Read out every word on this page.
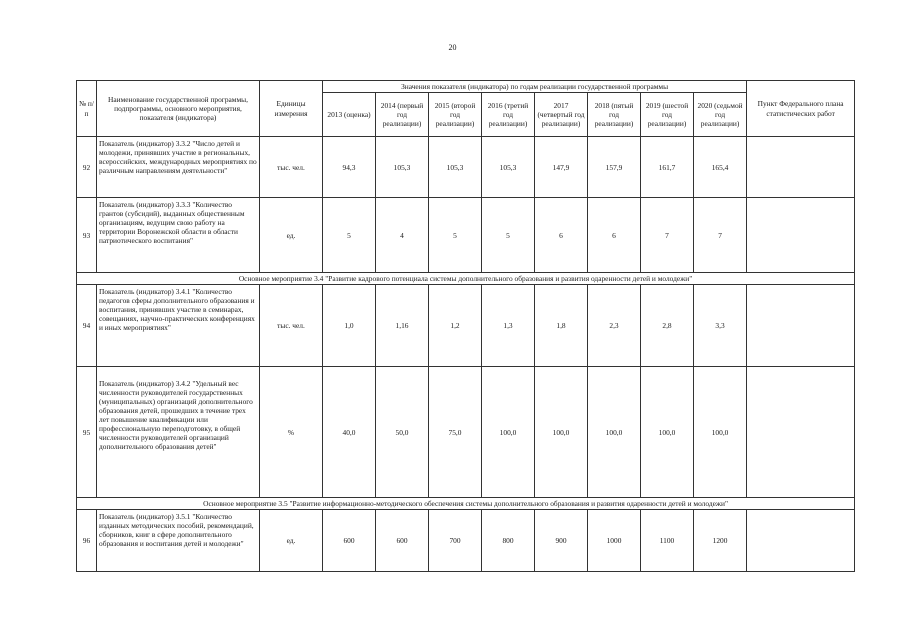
20
№ п/п	Наименование государственной программы, подпрограммы, основного мероприятия, показателя (индикатора)	Единицы измерения	Значения показателя (индикатора) по годам реализации государственной программы								Пункт Федерального плана статистических работ
			2013 (оценка)	2014 (первый год реализации)	2015 (второй год реализации)	2016 (третий год реализации)	2017 (четвертый год реализации)	2018 (пятый год реализации)	2019 (шестой год реализации)	2020 (седьмой год реализации)	
92	Показатель (индикатор) 3.3.2 "Число детей и молодежи, принявших участие в региональных, всероссийских, международных мероприятиях по различным направлениям деятельности"	тыс. чел.	94,3	105,3	105,3	105,3	147,9	157,9	161,7	165,4	
93	Показатель (индикатор) 3.3.3 "Количество грантов (субсидий), выданных общественным организациям, ведущим свою работу на территории Воронежской области в области патриотического воспитания"	ед.	5	4	5	5	6	6	7	7	
Основное мероприятие 3.4 "Развитие кадрового потенциала системы дополнительного образования и развития одаренности детей и молодежи"											
94	Показатель (индикатор) 3.4.1 "Количество педагогов сферы дополнительного образования и воспитания, принявших участие в семинарах, совещаниях, научно-практических конференциях и иных мероприятиях"	тыс. чел.	1,0	1,16	1,2	1,3	1,8	2,3	2,8	3,3	
95	Показатель (индикатор) 3.4.2 "Удельный вес численности руководителей государственных (муниципальных) организаций дополнительного образования детей, прошедших в течение трех лет повышение квалификации или профессиональную переподготовку, в общей численности руководителей организаций дополнительного образования детей"	%	40,0	50,0	75,0	100,0	100,0	100,0	100,0	100,0	
Основное мероприятие 3.5 "Развитие информационно-методического обеспечения системы дополнительного образования и развития одаренности детей и молодежи"											
96	Показатель (индикатор) 3.5.1 "Количество изданных методических пособий, рекомендаций, сборников, книг в сфере дополнительного образования и воспитания детей и молодежи"	ед.	600	600	700	800	900	1000	1100	1200	
